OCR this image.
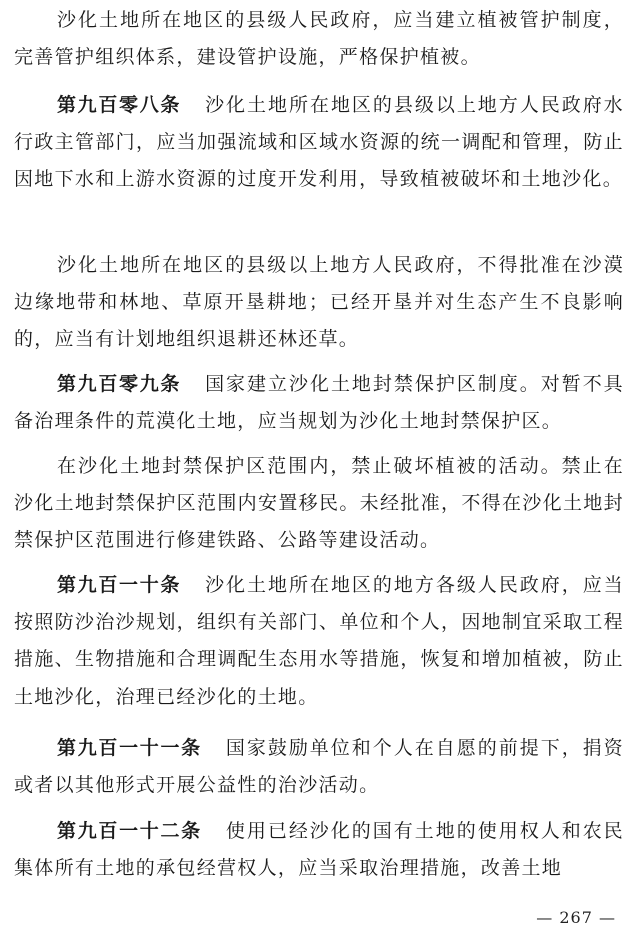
沙化土地所在地区的县级人民政府，应当建立植被管护制度，完善管护组织体系，建设管护设施，严格保护植被。

第九百零八条 沙化土地所在地区的县级以上地方人民政府水行政主管部门，应当加强流域和区域水资源的统一调配和管理，防止因地下水和上游水资源的过度开发利用，导致植被破坏和土地沙化。

沙化土地所在地区的县级以上地方人民政府，不得批准在沙漠边缘地带和林地、草原开垦耕地；已经开垦并对生态产生不良影响的，应当有计划地组织退耕还林还草。

第九百零九条 国家建立沙化土地封禁保护区制度。对暂不具备治理条件的荒漠化土地，应当规划为沙化土地封禁保护区。

在沙化土地封禁保护区范围内，禁止破坏植被的活动。禁止在沙化土地封禁保护区范围内安置移民。未经批准，不得在沙化土地封禁保护区范围进行修建铁路、公路等建设活动。

第九百一十条 沙化土地所在地区的地方各级人民政府，应当按照防沙治沙规划，组织有关部门、单位和个人，因地制宜采取工程措施、生物措施和合理调配生态用水等措施，恢复和增加植被，防止土地沙化，治理已经沙化的土地。

第九百一十一条 国家鼓励单位和个人在自愿的前提下，捐资或者以其他形式开展公益性的治沙活动。

第九百一十二条 使用已经沙化的国有土地的使用权人和农民集体所有土地的承包经营权人，应当采取治理措施，改善土地

— 267 —
